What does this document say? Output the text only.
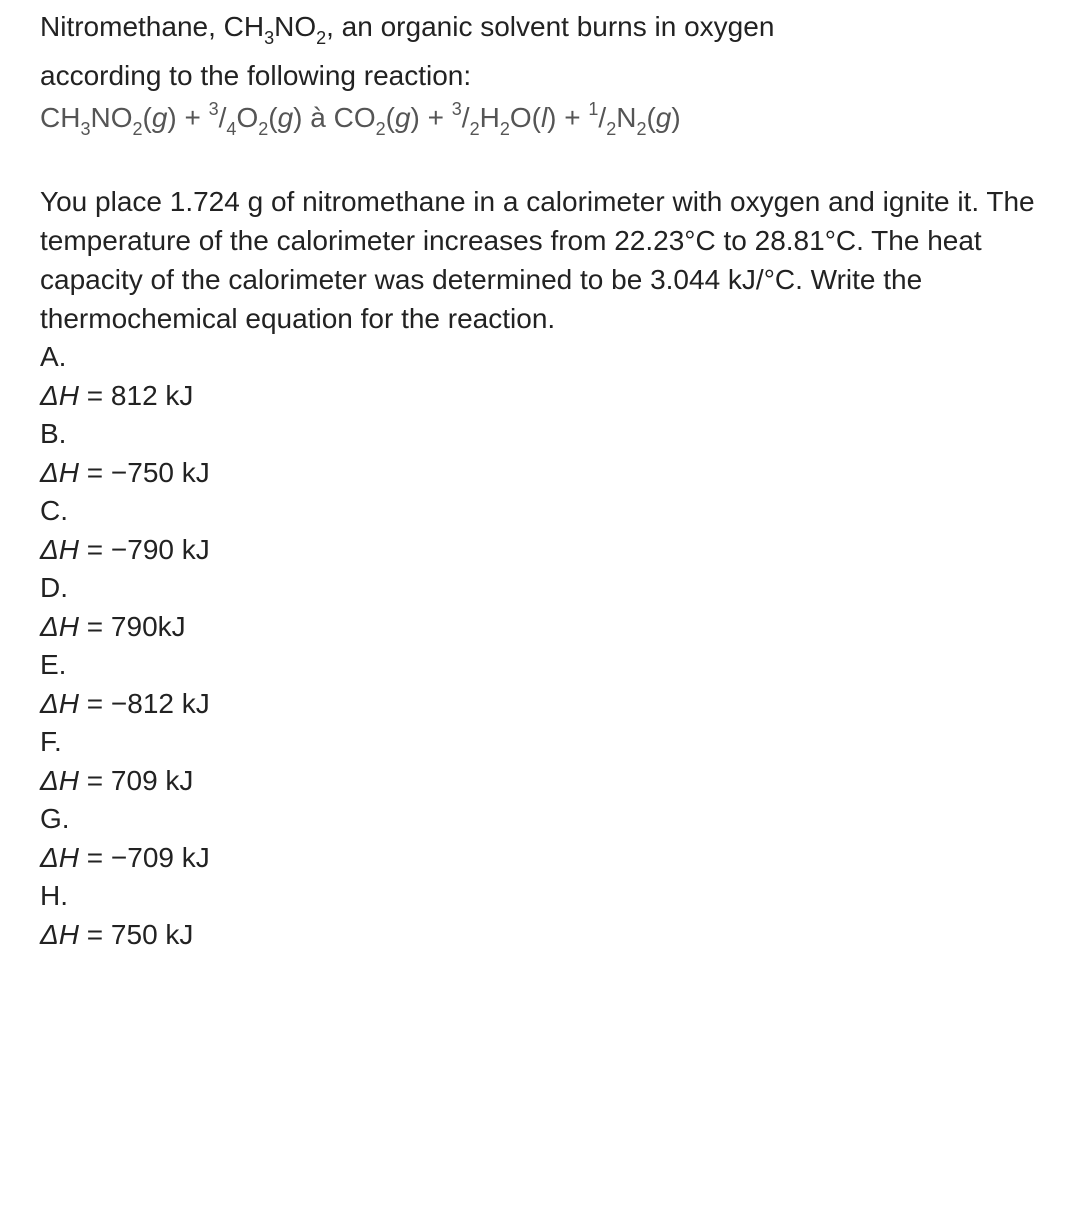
Nitromethane, $CH_3NO_2$, an organic solvent burns in oxygen
according to the following reaction:
$CH_3NO_2(g) + ^3/_4O_2(g)$ à $CO_2(g) + ^3/_2H_2O(l) + ^1/_2N_2(g)$
You place 1.724 g of nitromethane in a calorimeter with oxygen and ignite it. The temperature of the calorimeter increases from 22.23°C to 28.81°C. The heat capacity of the calorimeter was determined to be 3.044 kJ/°C. Write the thermochemical equation for the reaction.
A.
ΔH = 812 kJ
B.
ΔH = −750 kJ
C.
ΔH = −790 kJ
D.
ΔH = 790kJ
E.
ΔH = −812 kJ
F.
ΔH = 709 kJ
G.
ΔH = −709 kJ
H.
ΔH = 750 kJ
